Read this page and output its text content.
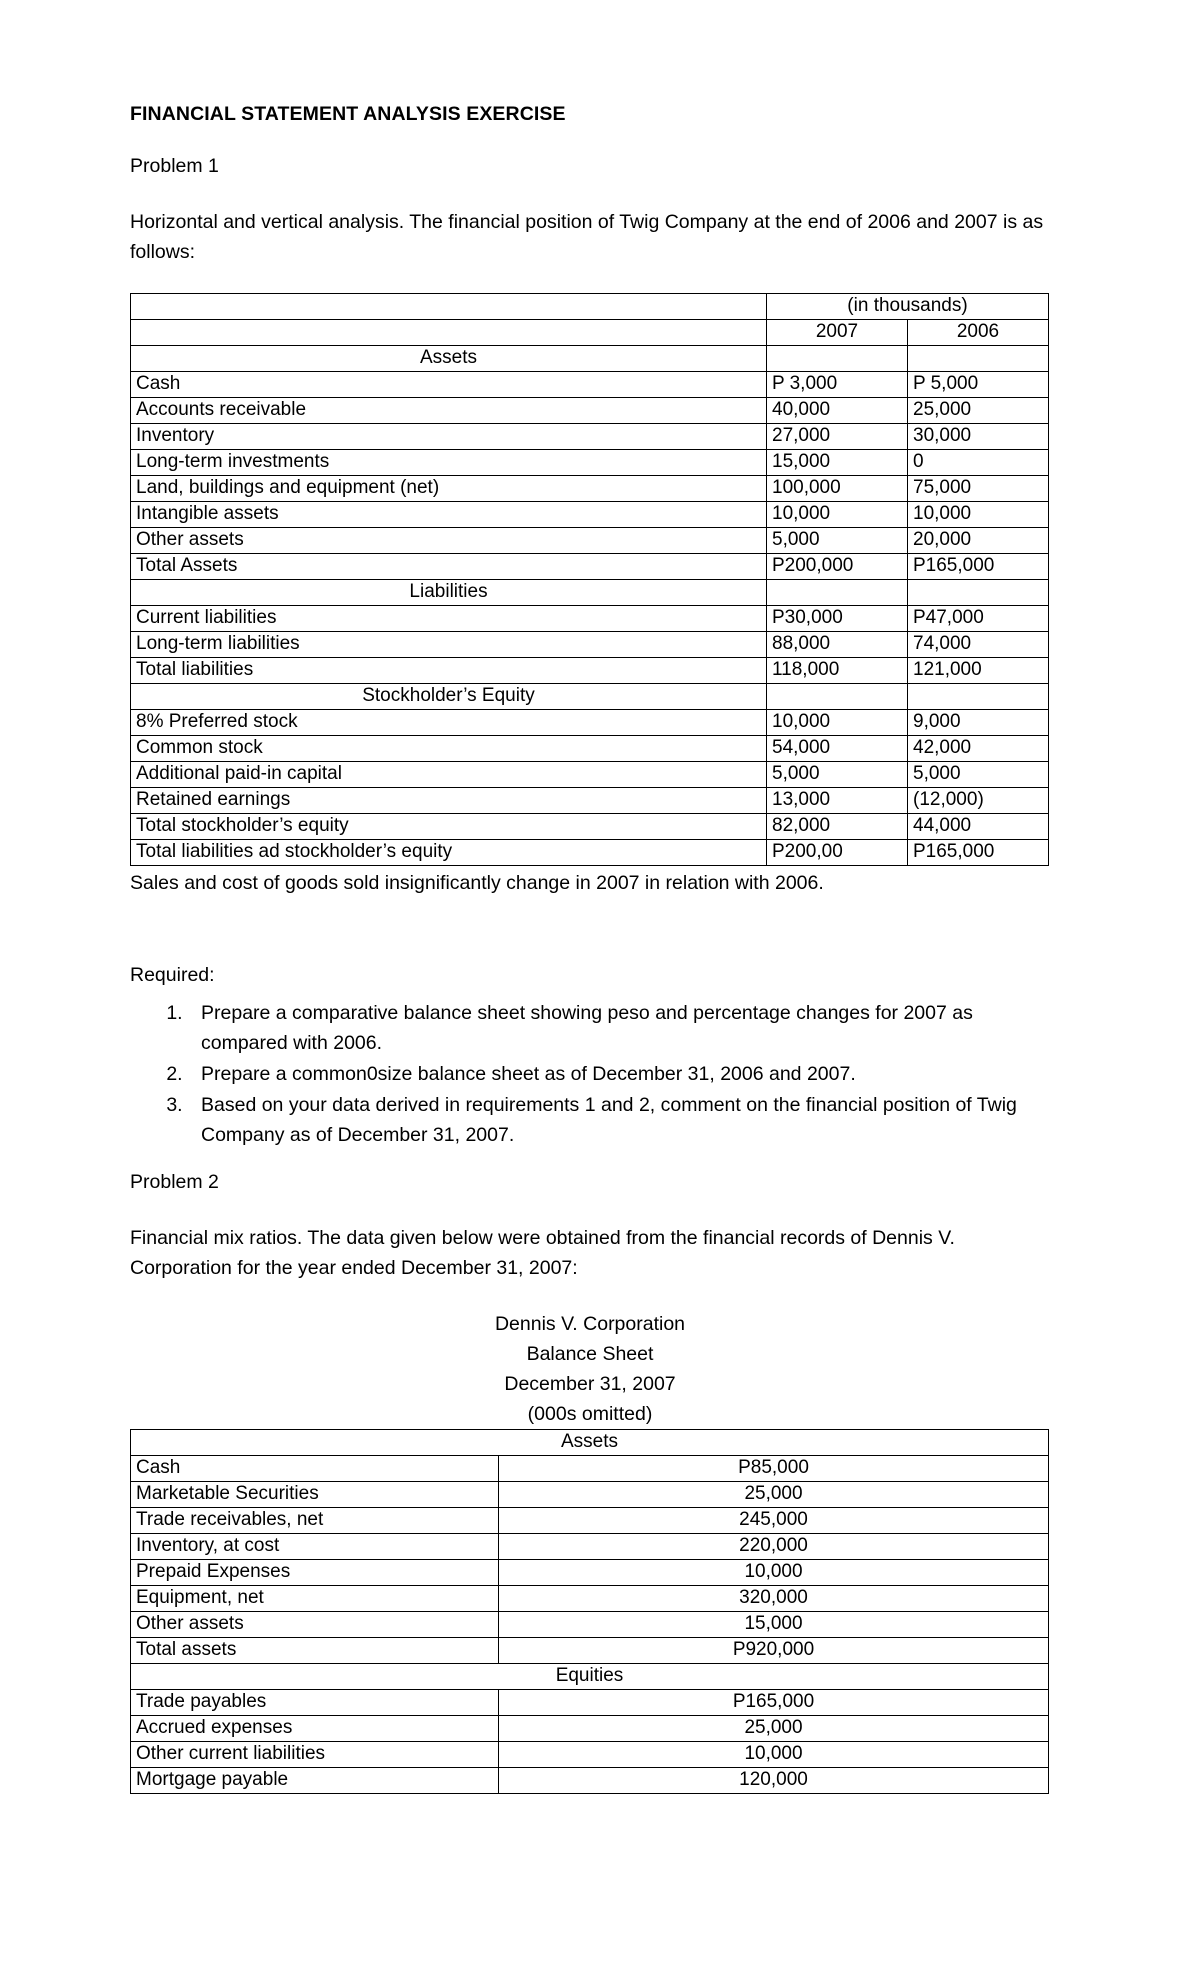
FINANCIAL STATEMENT ANALYSIS EXERCISE

Problem 1

Horizontal and vertical analysis. The financial position of Twig Company at the end of 2006 and 2007 is as follows:

	(in thousands)	
	2007	2006
Assets		
Cash	P 3,000	P 5,000
Accounts receivable	40,000	25,000
Inventory	27,000	30,000
Long-term investments	15,000	0
Land, buildings and equipment (net)	100,000	75,000
Intangible assets	10,000	10,000
Other assets	5,000	20,000
Total Assets	P200,000	P165,000
Liabilities		
Current liabilities	P30,000	P47,000
Long-term liabilities	88,000	74,000
Total liabilities	118,000	121,000
Stockholder’s Equity		
8% Preferred stock	10,000	9,000
Common stock	54,000	42,000
Additional paid-in capital	5,000	5,000
Retained earnings	13,000	(12,000)
Total stockholder’s equity	82,000	44,000
Total liabilities ad stockholder’s equity	P200,00	P165,000

Sales and cost of goods sold insignificantly change in 2007 in relation with 2006.

Required:

1. Prepare a comparative balance sheet showing peso and percentage changes for 2007 as compared with 2006.
2. Prepare a common0size balance sheet as of December 31, 2006 and 2007.
3. Based on your data derived in requirements 1 and 2, comment on the financial position of Twig Company as of December 31, 2007.

Problem 2

Financial mix ratios. The data given below were obtained from the financial records of Dennis V. Corporation for the year ended December 31, 2007:

Dennis V. Corporation
Balance Sheet
December 31, 2007
(000s omitted)
Assets	
Cash	P85,000
Marketable Securities	25,000
Trade receivables, net	245,000
Inventory, at cost	220,000
Prepaid Expenses	10,000
Equipment, net	320,000
Other assets	15,000
Total assets	P920,000
Equities	
Trade payables	P165,000
Accrued expenses	25,000
Other current liabilities	10,000
Mortgage payable	120,000
